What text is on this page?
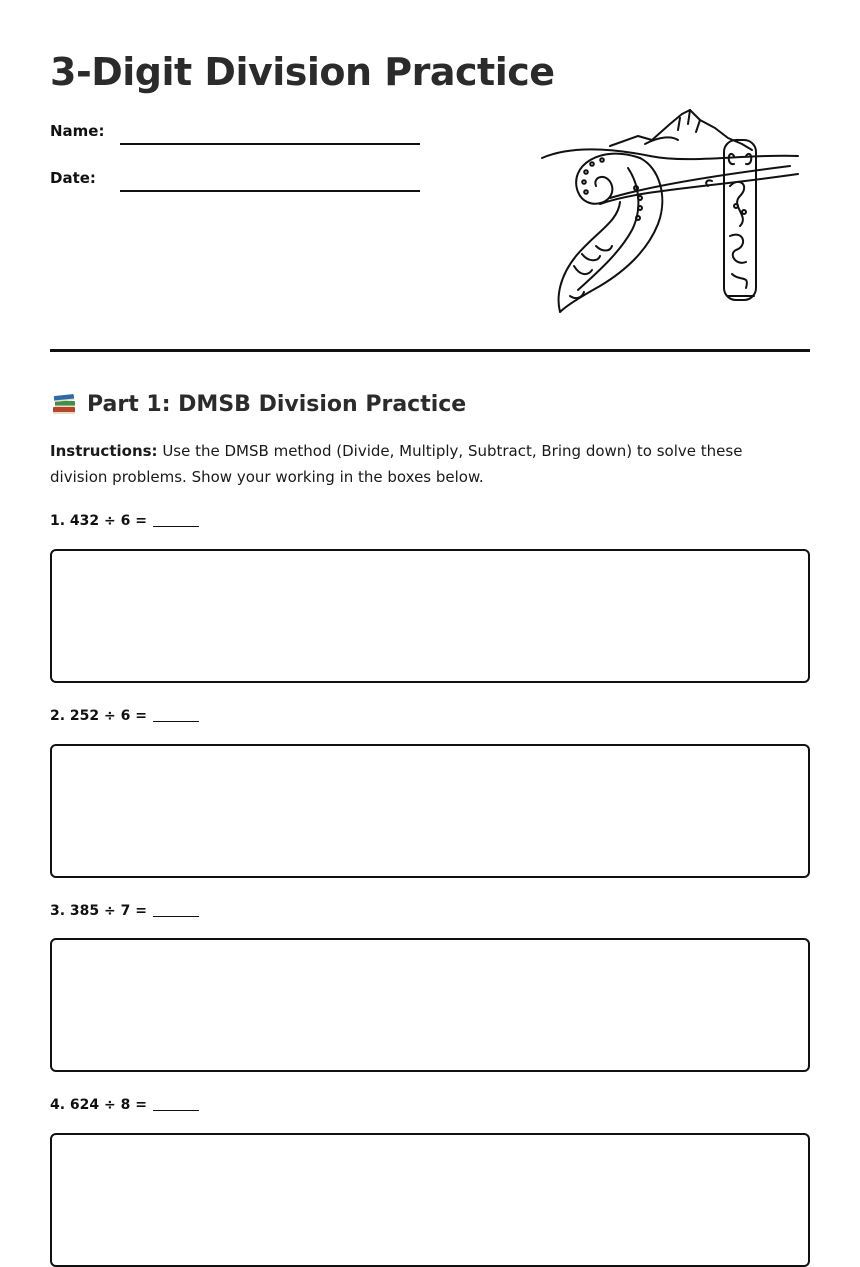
3-Digit Division Practice
Name:
Date:
Part 1: DMSB Division Practice

Instructions: Use the DMSB method (Divide, Multiply, Subtract, Bring down) to solve these division problems. Show your working in the boxes below.

1. 432 ÷ 6 =
2. 252 ÷ 6 =
3. 385 ÷ 7 =
4. 624 ÷ 8 =
